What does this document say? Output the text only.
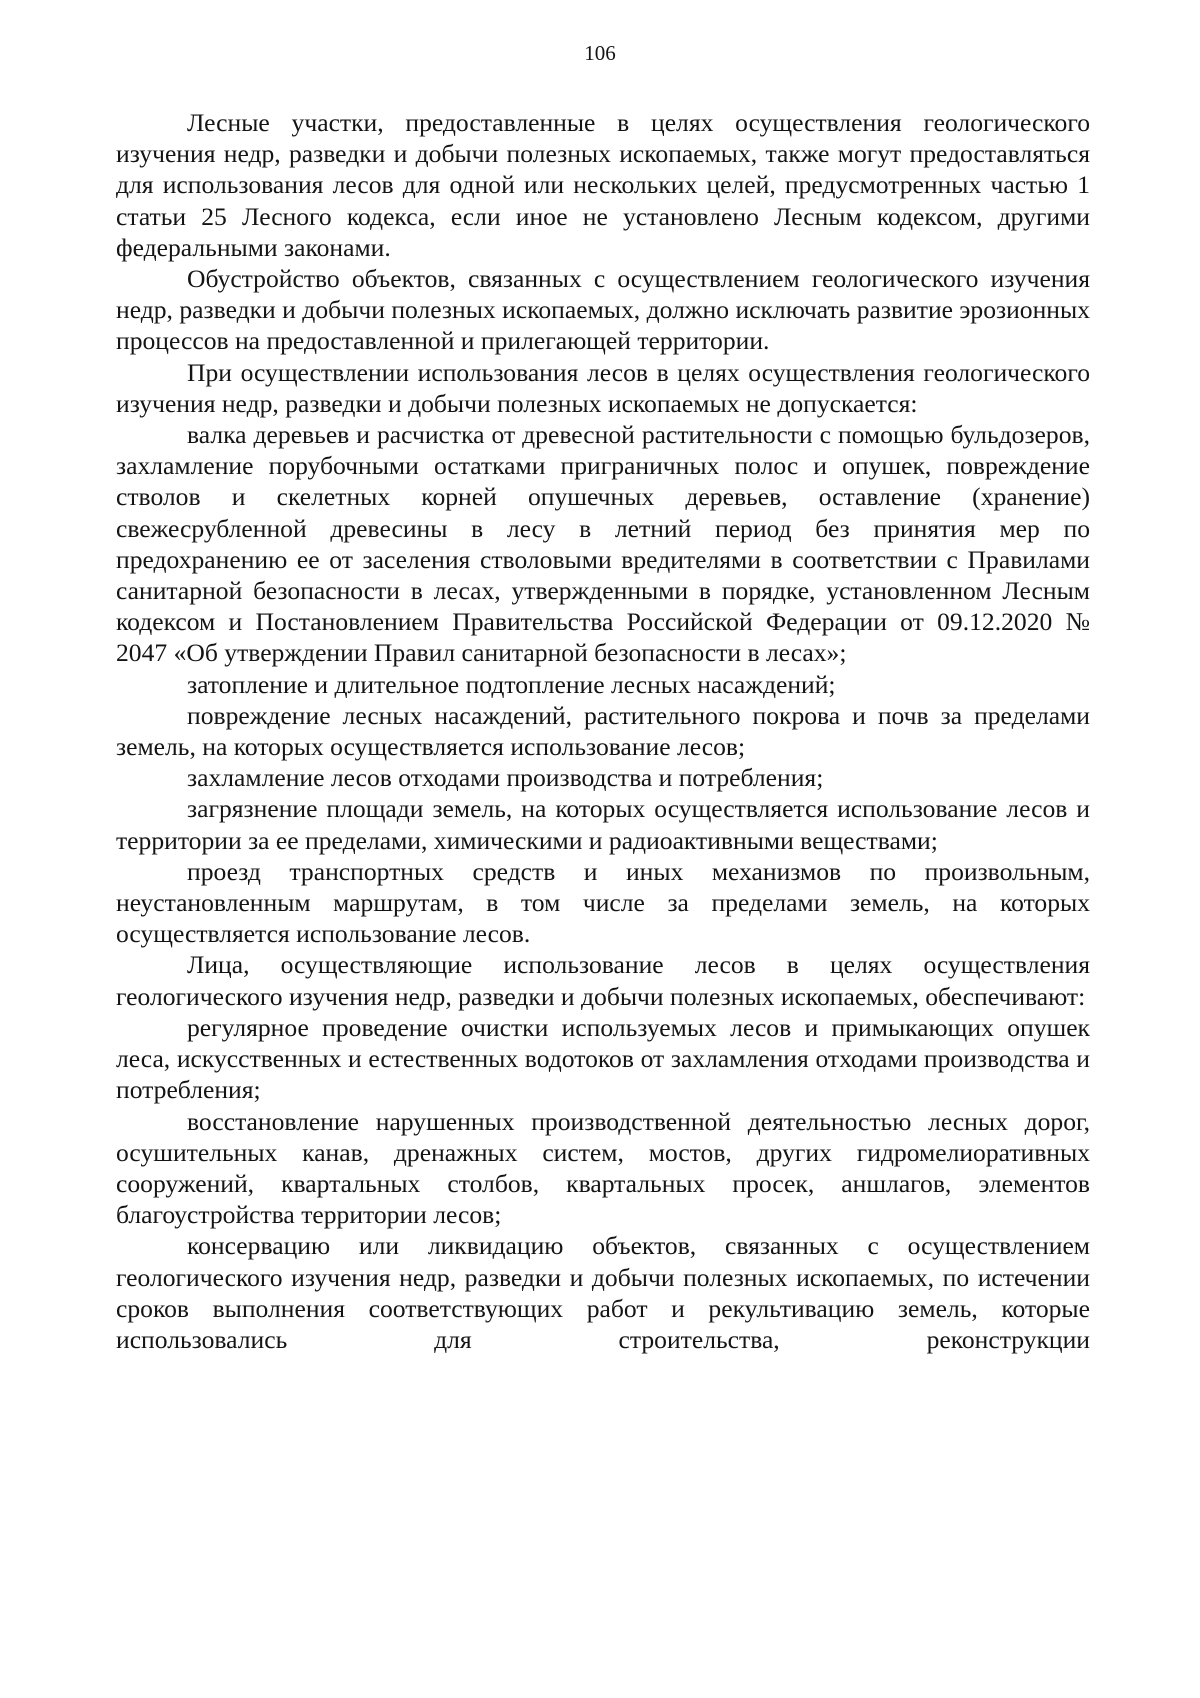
106

Лесные участки, предоставленные в целях осуществления геологического изучения недр, разведки и добычи полезных ископаемых, также могут предоставляться для использования лесов для одной или нескольких целей, предусмотренных частью 1 статьи 25 Лесного кодекса, если иное не установлено Лесным кодексом, другими федеральными законами.

Обустройство объектов, связанных с осуществлением геологического изучения недр, разведки и добычи полезных ископаемых, должно исключать развитие эрозионных процессов на предоставленной и прилегающей территории.

При осуществлении использования лесов в целях осуществления геологического изучения недр, разведки и добычи полезных ископаемых не допускается:

валка деревьев и расчистка от древесной растительности с помощью бульдозеров, захламление порубочными остатками приграничных полос и опушек, повреждение стволов и скелетных корней опушечных деревьев, оставление (хранение) свежесрубленной древесины в лесу в летний период без принятия мер по предохранению ее от заселения стволовыми вредителями в соответствии с Правилами санитарной безопасности в лесах, утвержденными в порядке, установленном Лесным кодексом и Постановлением Правительства Российской Федерации от 09.12.2020 № 2047 «Об утверждении Правил санитарной безопасности в лесах»;

затопление и длительное подтопление лесных насаждений;

повреждение лесных насаждений, растительного покрова и почв за пределами земель, на которых осуществляется использование лесов;

захламление лесов отходами производства и потребления;

загрязнение площади земель, на которых осуществляется использование лесов и территории за ее пределами, химическими и радиоактивными веществами;

проезд транспортных средств и иных механизмов по произвольным, неустановленным маршрутам, в том числе за пределами земель, на которых осуществляется использование лесов.

Лица, осуществляющие использование лесов в целях осуществления геологического изучения недр, разведки и добычи полезных ископаемых, обеспечивают:

регулярное проведение очистки используемых лесов и примыкающих опушек леса, искусственных и естественных водотоков от захламления отходами производства и потребления;

восстановление нарушенных производственной деятельностью лесных дорог, осушительных канав, дренажных систем, мостов, других гидромелиоративных сооружений, квартальных столбов, квартальных просек, аншлагов, элементов благоустройства территории лесов;

консервацию или ликвидацию объектов, связанных с осуществлением геологического изучения недр, разведки и добычи полезных ископаемых, по истечении сроков выполнения соответствующих работ и рекультивацию земель, которые использовались для строительства, реконструкции
